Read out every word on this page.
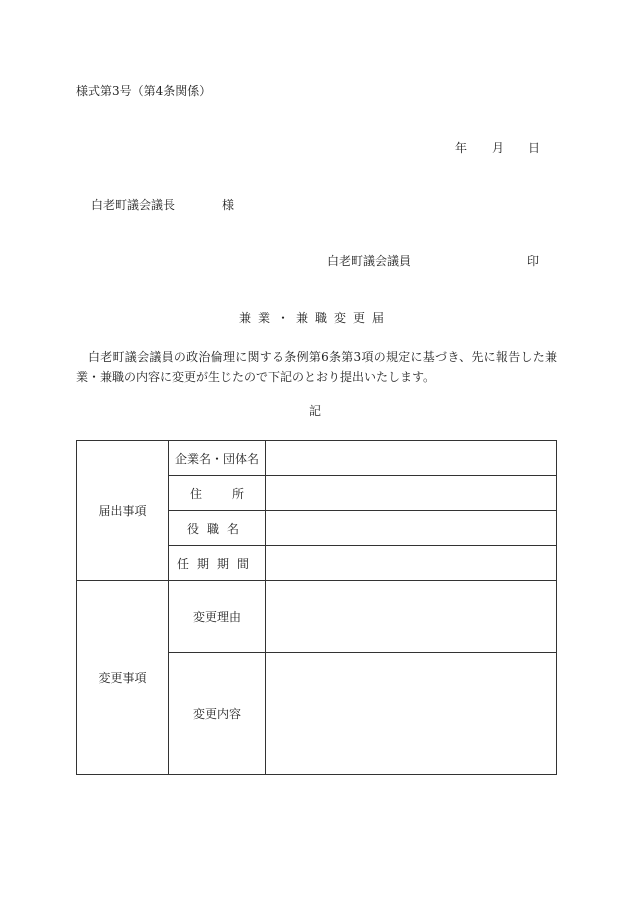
様式第3号（第4条関係）
年 月 日
白老町議会議長	様
白老町議会議員	印
兼業・兼職変更届
白老町議会議員の政治倫理に関する条例第6条第3項の規定に基づき、先に報告した兼業・兼職の内容に変更が生じたので下記のとおり提出いたします。
記
届出事項	企業名・団体名	
	住所	
	役職名	
	任期期間	
変更事項	変更理由	
	変更内容	
